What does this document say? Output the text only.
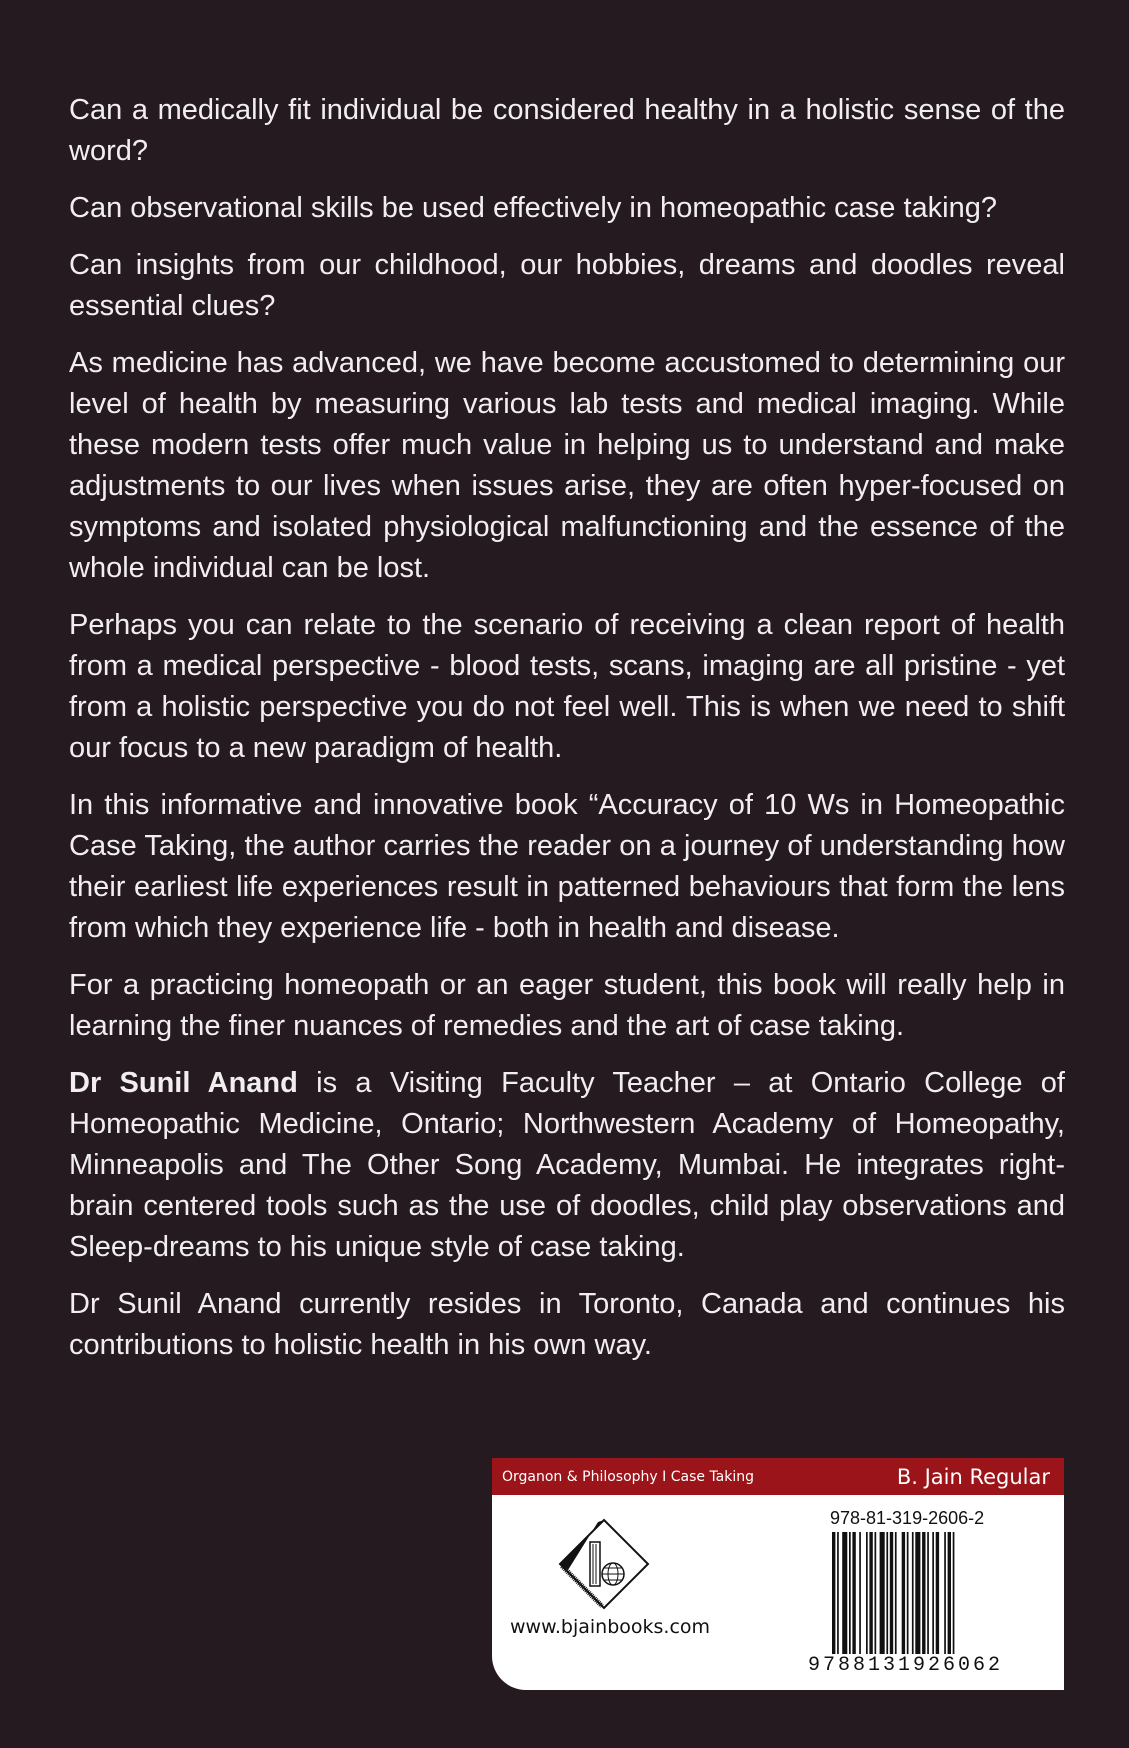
Can a medically fit individual be considered healthy in a holistic sense of the word?

Can observational skills be used effectively in homeopathic case taking?

Can insights from our childhood, our hobbies, dreams and doodles reveal essential clues?

As medicine has advanced, we have become accustomed to determining our level of health by measuring various lab tests and medical imaging. While these modern tests offer much value in helping us to understand and make adjustments to our lives when issues arise, they are often hyper-focused on symptoms and isolated physiological malfunctioning and the essence of the whole individual can be lost.

Perhaps you can relate to the scenario of receiving a clean report of health from a medical perspective - blood tests, scans, imaging are all pristine - yet from a holistic perspective you do not feel well. This is when we need to shift our focus to a new paradigm of health.

In this informative and innovative book “Accuracy of 10 Ws in Homeopathic Case Taking, the author carries the reader on a journey of understanding how their earliest life experiences result in patterned behaviours that form the lens from which they experience life - both in health and disease.

For a practicing homeopath or an eager student, this book will really help in learning the finer nuances of remedies and the art of case taking.

Dr Sunil Anand is a Visiting Faculty Teacher – at Ontario College of Homeopathic Medicine, Ontario; Northwestern Academy of Homeopathy, Minneapolis and The Other Song Academy, Mumbai. He integrates right-brain centered tools such as the use of doodles, child play observations and Sleep-dreams to his unique style of case taking.

Dr Sunil Anand currently resides in Toronto, Canada and continues his contributions to holistic health in his own way.

Organon & Philosophy I Case Taking	B. Jain Regular
www.bjainbooks.com
978-81-319-2606-2
9788131926062
